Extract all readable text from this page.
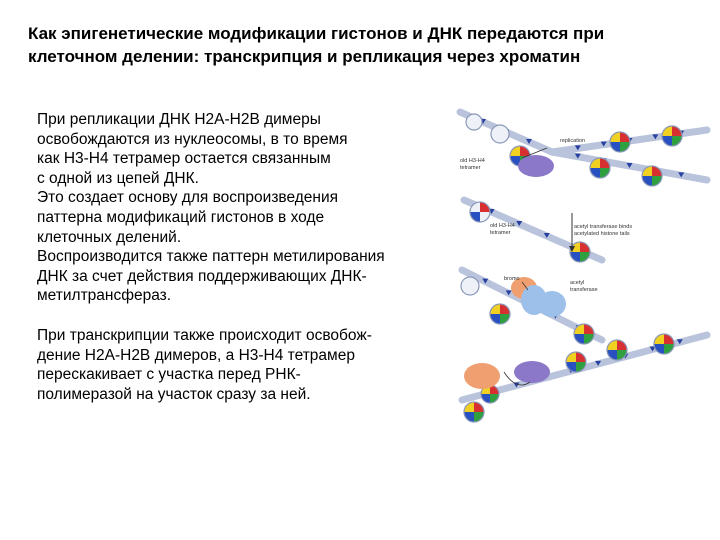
Как эпигенетические модификации гистонов и ДНК передаются при
клеточном делении: транскрипция и репликация через хроматин
При репликации ДНК H2A-H2B димеры
освобождаются из нуклеосомы, в то время
как H3-H4 тетрамер остается связанным
с одной из цепей ДНК.
Это создает основу для воспроизведения
паттерна модификаций гистонов в ходе
клеточных делений.
Воспроизводится также паттерн метилирования
ДНК за счет действия поддерживающих ДНК-
метилтрансфераз.
При транскрипции также происходит освобож-
дение H2A-H2B димеров, а H3-H4 тетрамер
перескакивает с участка перед РНК-
полимеразой на участок сразу за ней.
replication
old H3-H4
tetramer
old H3-H4
tetramer
acetyl transferase binds
acetylated histone tails
bromo
acetyl
transferase
